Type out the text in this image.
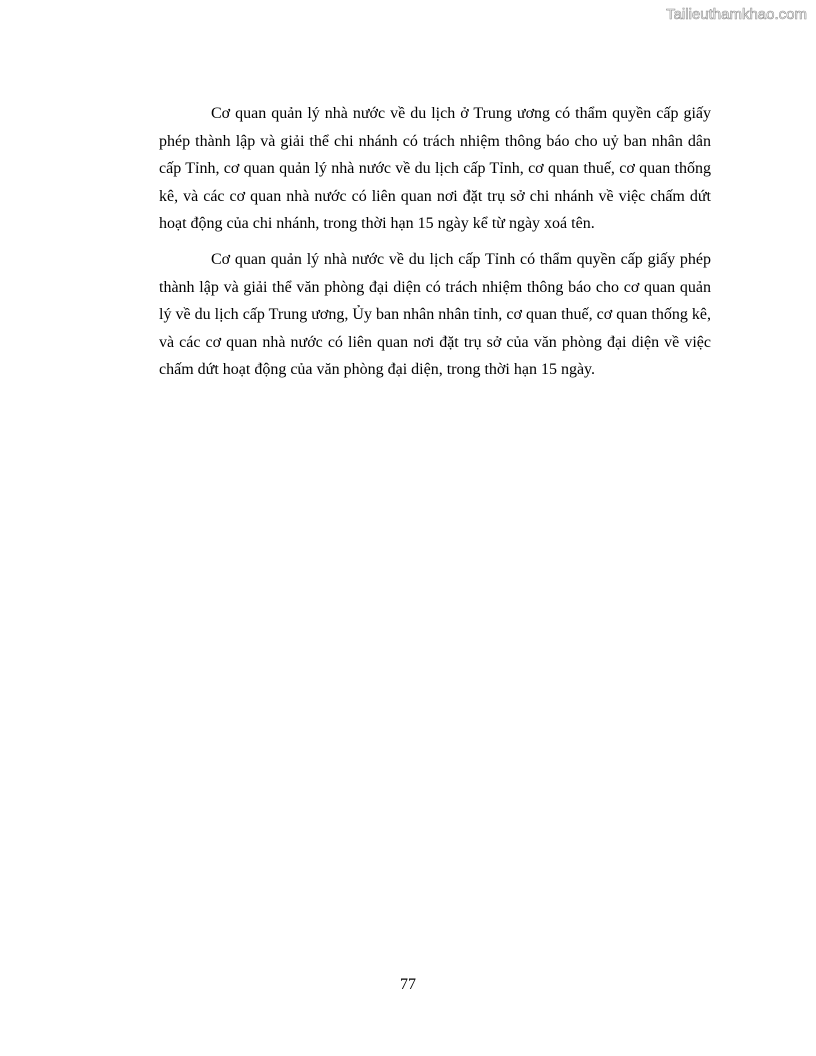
Tailieuthamkhao.com

Cơ quan quản lý nhà nước về du lịch ở Trung ương có thẩm quyền cấp giấy phép thành lập và giải thể chi nhánh có trách nhiệm thông báo cho uỷ ban nhân dân cấp Tỉnh, cơ quan quản lý nhà nước về du lịch cấp Tỉnh, cơ quan thuế, cơ quan thống kê, và các cơ quan nhà nước có liên quan nơi đặt trụ sở chi nhánh về việc chấm dứt hoạt động của chi nhánh, trong thời hạn 15 ngày kể từ ngày xoá tên.

Cơ quan quản lý nhà nước về du lịch cấp Tỉnh có thẩm quyền cấp giấy phép thành lập và giải thể văn phòng đại diện có trách nhiệm thông báo cho cơ quan quản lý về du lịch cấp Trung ương, Ủy ban nhân nhân tỉnh, cơ quan thuế, cơ quan thống kê, và các cơ quan nhà nước có liên quan nơi đặt trụ sở của văn phòng đại diện về việc chấm dứt hoạt động của văn phòng đại diện, trong thời hạn 15 ngày.

77
